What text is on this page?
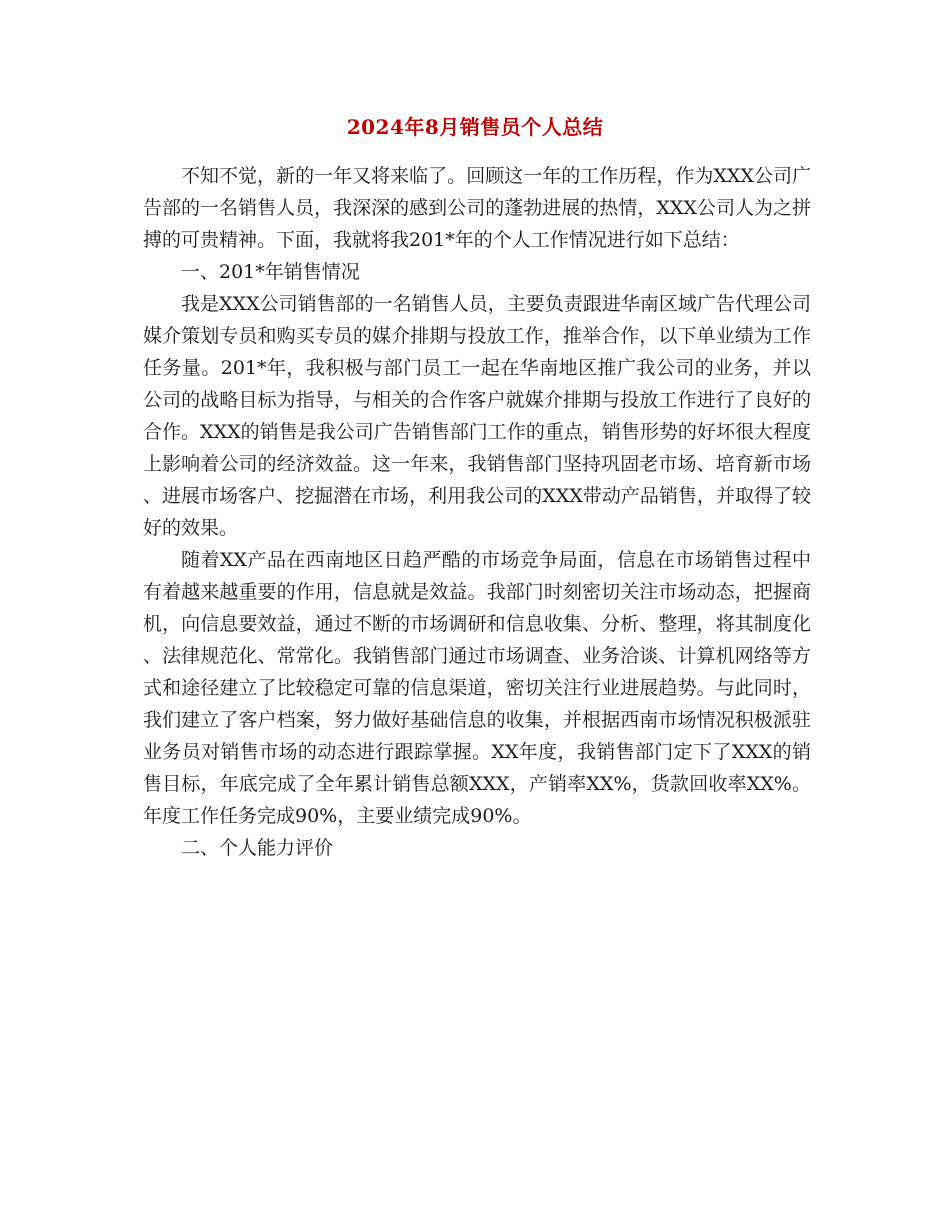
2024年8月销售员个人总结

不知不觉，新的一年又将来临了。回顾这一年的工作历程，作为XXX公司广告部的一名销售人员，我深深的感到公司的蓬勃进展的热情，XXX公司人为之拼搏的可贵精神。下面，我就将我201*年的个人工作情况进行如下总结：

一、201*年销售情况

我是XXX公司销售部的一名销售人员，主要负责跟进华南区域广告代理公司媒介策划专员和购买专员的媒介排期与投放工作，推举合作，以下单业绩为工作任务量。201*年，我积极与部门员工一起在华南地区推广我公司的业务，并以公司的战略目标为指导，与相关的合作客户就媒介排期与投放工作进行了良好的合作。XXX的销售是我公司广告销售部门工作的重点，销售形势的好坏很大程度上影响着公司的经济效益。这一年来，我销售部门坚持巩固老市场、培育新市场、进展市场客户、挖掘潜在市场，利用我公司的XXX带动产品销售，并取得了较好的效果。

随着XX产品在西南地区日趋严酷的市场竞争局面，信息在市场销售过程中有着越来越重要的作用，信息就是效益。我部门时刻密切关注市场动态，把握商机，向信息要效益，通过不断的市场调研和信息收集、分析、整理，将其制度化、法律规范化、常常化。我销售部门通过市场调查、业务洽谈、计算机网络等方式和途径建立了比较稳定可靠的信息渠道，密切关注行业进展趋势。与此同时，我们建立了客户档案，努力做好基础信息的收集，并根据西南市场情况积极派驻业务员对销售市场的动态进行跟踪掌握。XX年度，我销售部门定下了XXX的销售目标，年底完成了全年累计销售总额XXX，产销率XX%，货款回收率XX%。年度工作任务完成90%，主要业绩完成90%。

二、个人能力评价
